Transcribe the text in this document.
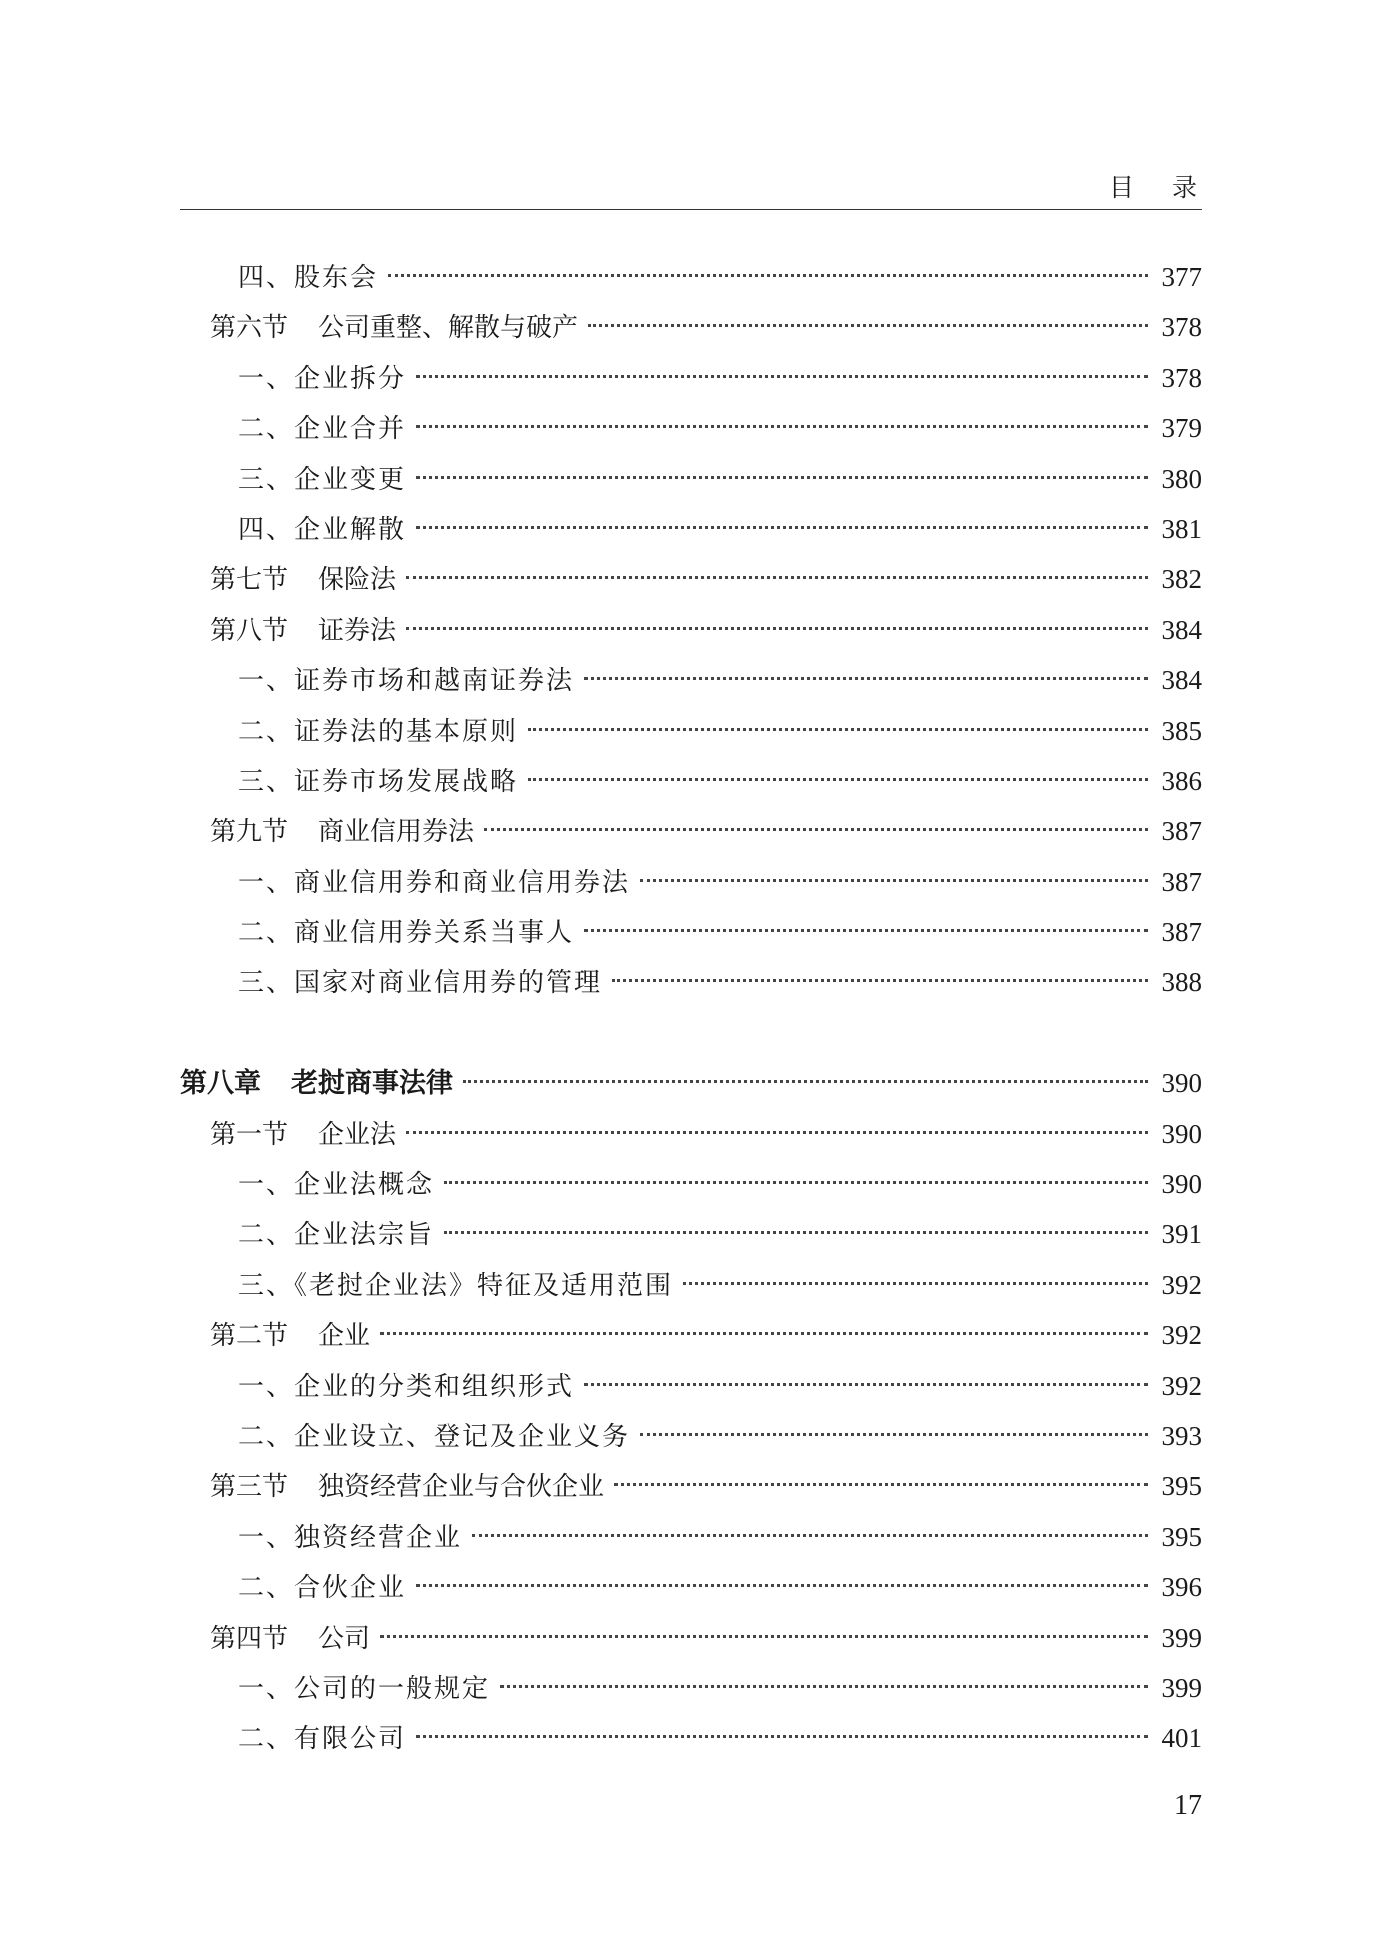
目录
四、股东会	377
第六节 公司重整、解散与破产	378
一、企业拆分	378
二、企业合并	379
三、企业变更	380
四、企业解散	381
第七节 保险法	382
第八节 证券法	384
一、证券市场和越南证券法	384
二、证券法的基本原则	385
三、证券市场发展战略	386
第九节 商业信用券法	387
一、商业信用券和商业信用券法	387
二、商业信用券关系当事人	387
三、国家对商业信用券的管理	388
第八章 老挝商事法律	390
第一节 企业法	390
一、企业法概念	390
二、企业法宗旨	391
三、《老挝企业法》特征及适用范围	392
第二节 企业	392
一、企业的分类和组织形式	392
二、企业设立、登记及企业义务	393
第三节 独资经营企业与合伙企业	395
一、独资经营企业	395
二、合伙企业	396
第四节 公司	399
一、公司的一般规定	399
二、有限公司	401
17
